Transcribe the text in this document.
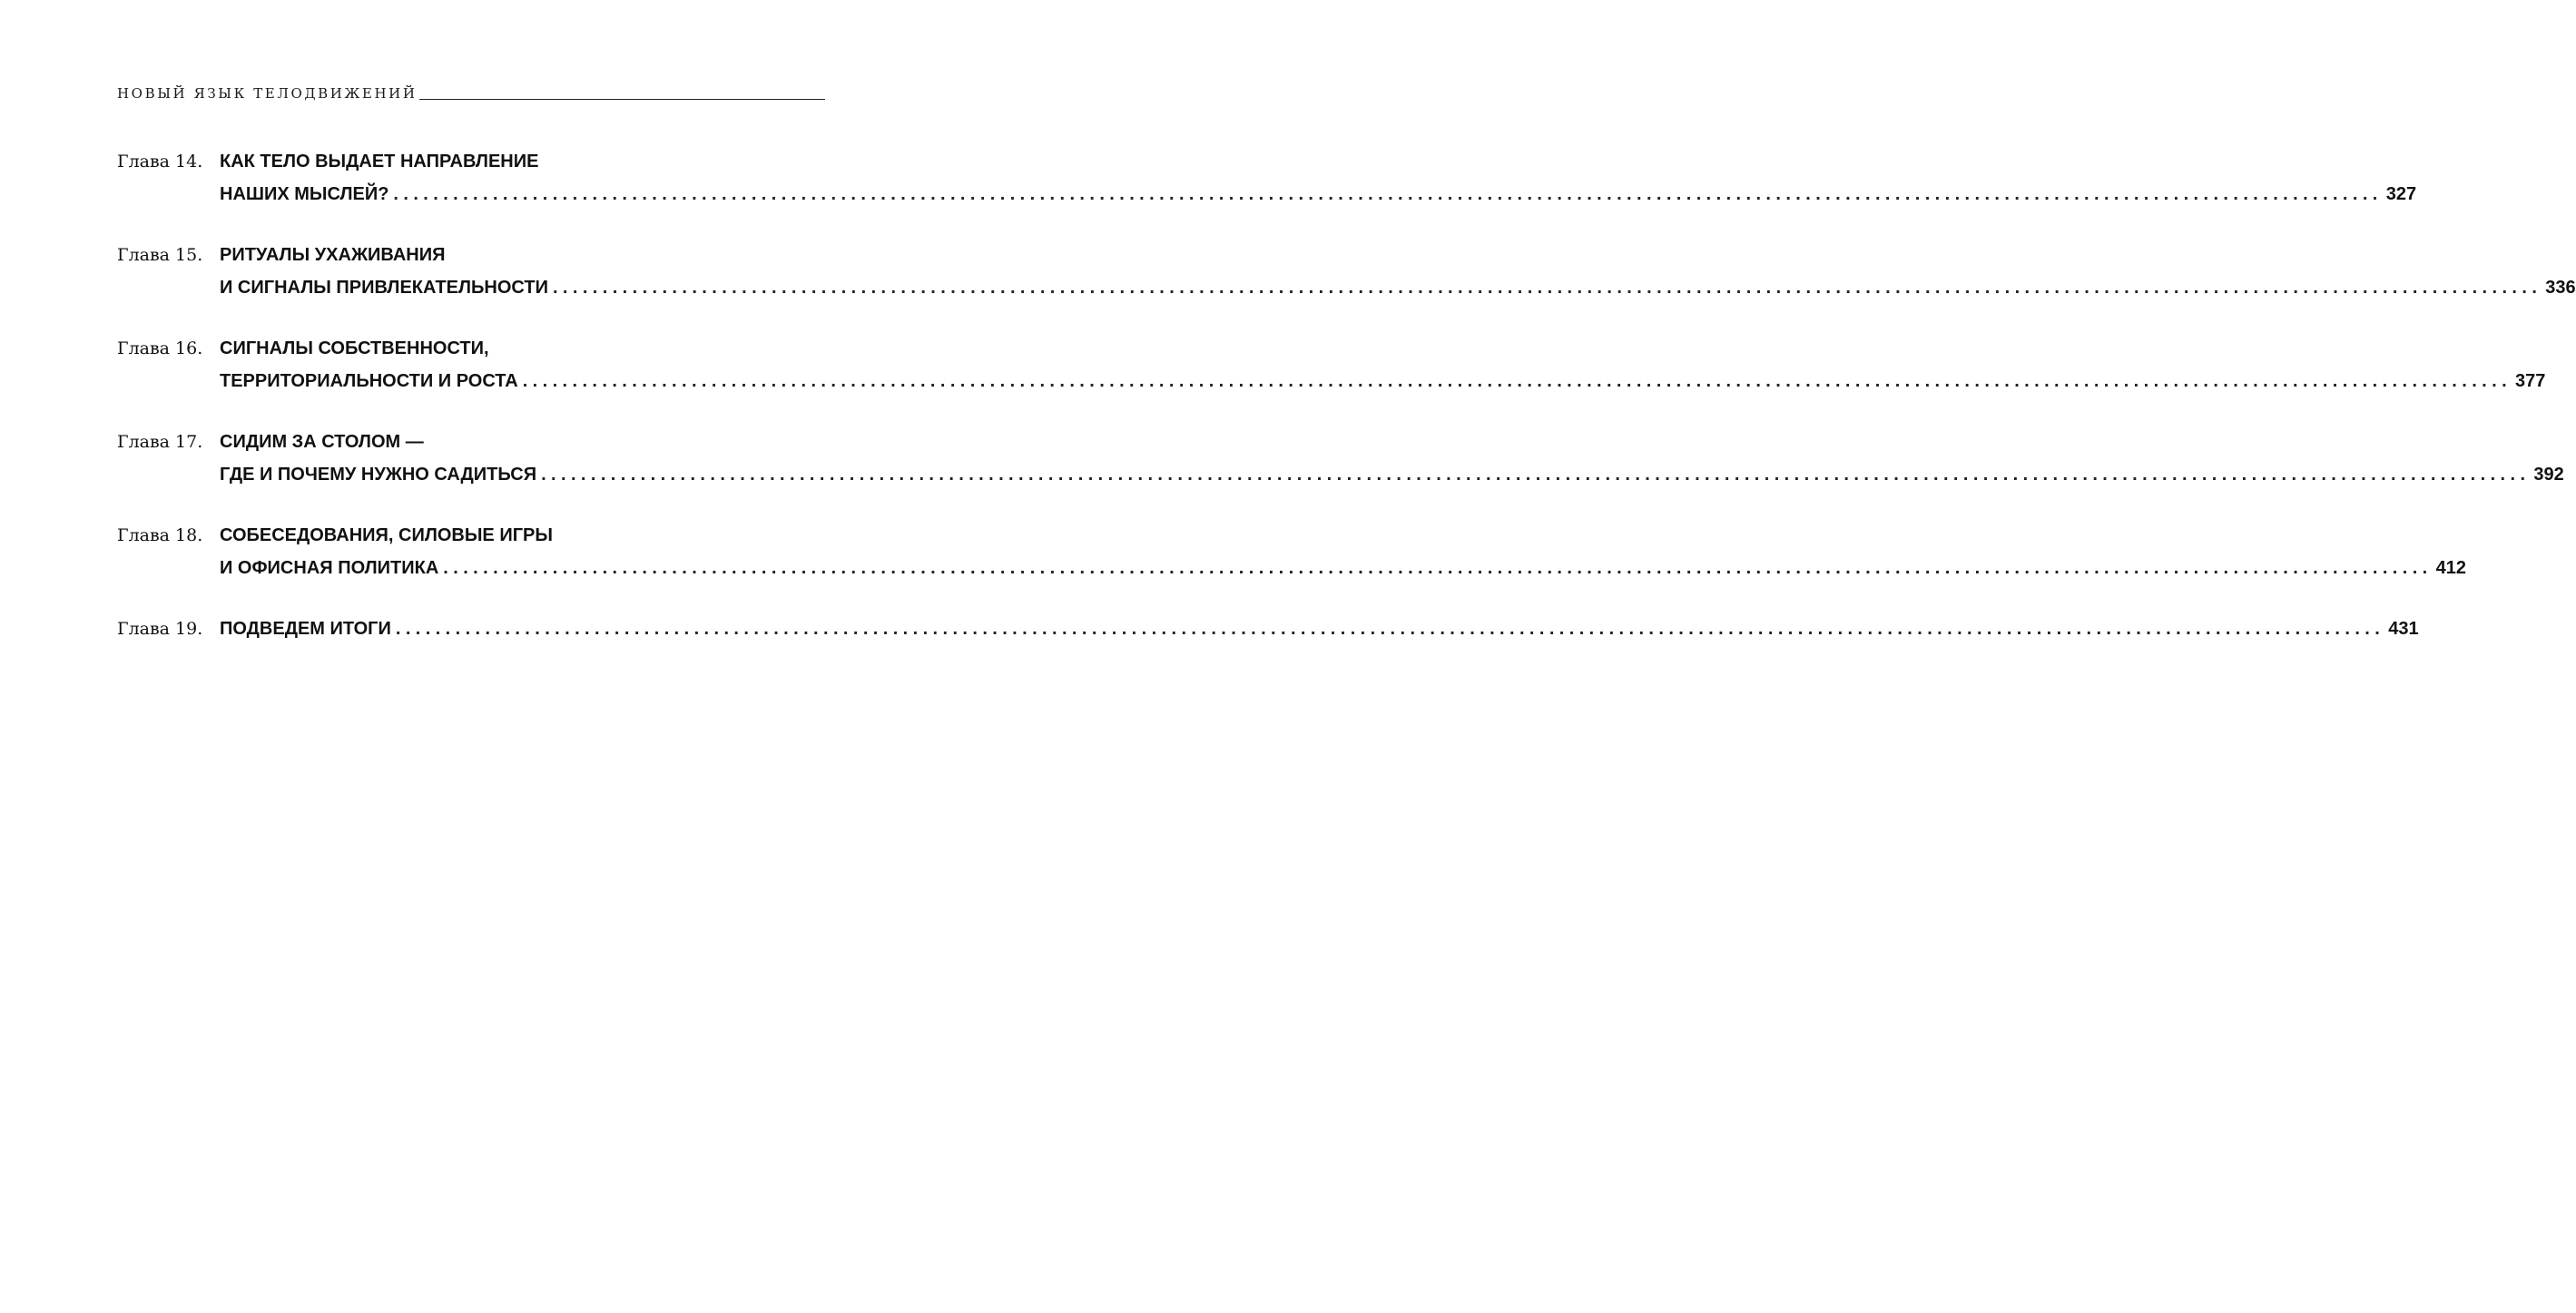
НОВЫЙ ЯЗЫК ТЕЛОДВИЖЕНИЙ
Глава 14. КАК ТЕЛО ВЫДАЕТ НАПРАВЛЕНИЕ
НАШИХ МЫСЛЕЙ? ........................................................................................................................................................................................................ 327
Глава 15. РИТУАЛЫ УХАЖИВАНИЯ
И СИГНАЛЫ ПРИВЛЕКАТЕЛЬНОСТИ ........................................................................................................................................................................................................ 336
Глава 16. СИГНАЛЫ СОБСТВЕННОСТИ,
ТЕРРИТОРИАЛЬНОСТИ И РОСТА ........................................................................................................................................................................................................ 377
Глава 17. СИДИМ ЗА СТОЛОМ —
ГДЕ И ПОЧЕМУ НУЖНО САДИТЬСЯ ........................................................................................................................................................................................................ 392
Глава 18. СОБЕСЕДОВАНИЯ, СИЛОВЫЕ ИГРЫ
И ОФИСНАЯ ПОЛИТИКА ........................................................................................................................................................................................................ 412
Глава 19. ПОДВЕДЕМ ИТОГИ ........................................................................................................................................................................................................ 431
